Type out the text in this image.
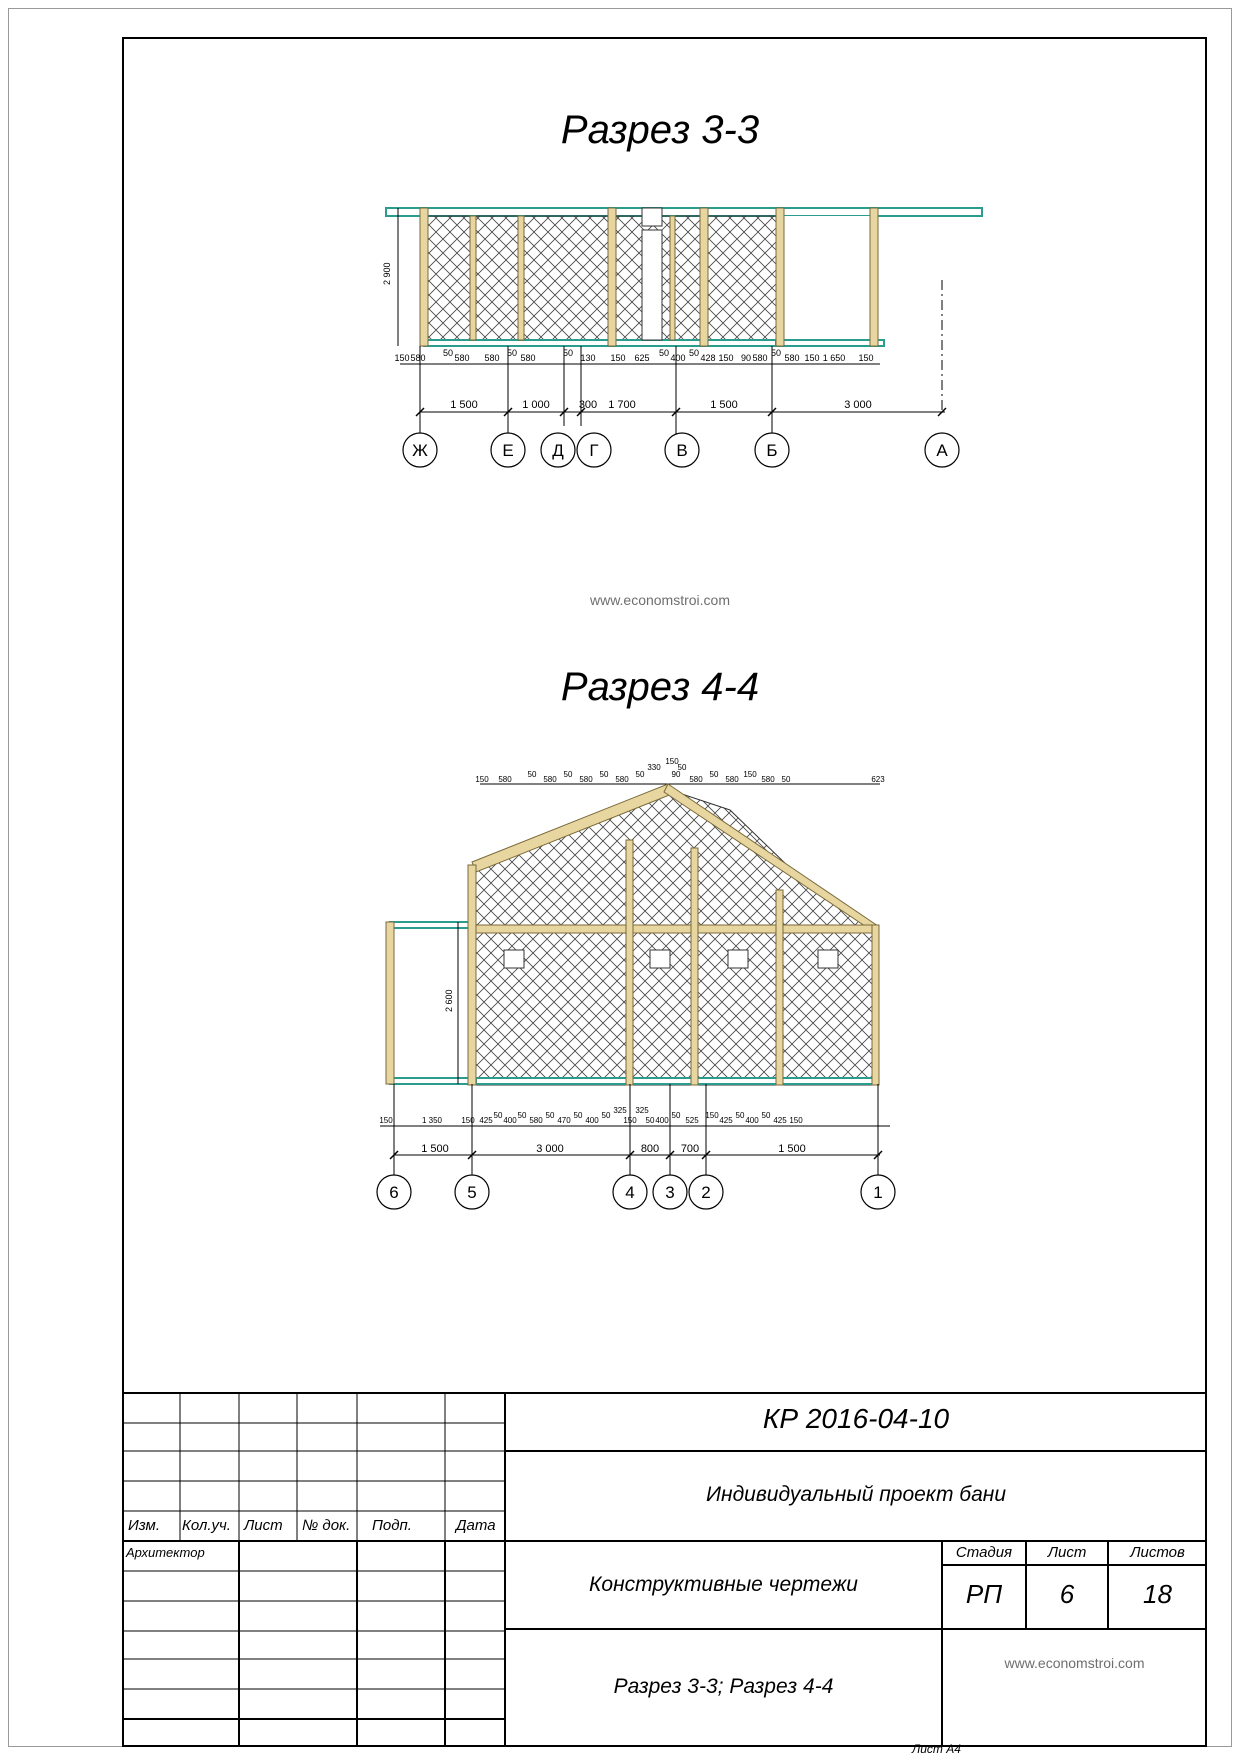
Разрез 3-3
2 900
150 580 50 580 580 50 580	50 130 150 625 50 400 50 428 150 90 580 50 580 150 1 650 150
1 500	1 000	300 1 700	1 500	3 000
Ж	Е Д Г	В	Б	А
www.economstroi.com
Разрез 4-4
150 580
50
580
50
580
50
580
50
330
150
50
90
580
50
580
150
580 50	623
2 600
150	1 350 150 425
50
400
50
580
50
470
50
400
50
325
150
325
50 400
50
525
150
425
50
400
50
425 150
1 500	3 000	800 700	1 500
6	5	4 3 2	1
Изм. Кол.уч. Лист № док. Подп.	Дата
Архитектор
КР 2016-04-10
Индивидуальный проект бани
Конструктивные чертежи
Разрез 3-3; Разрез 4-4
Стадия	Лист	Листов
РП	6	18
www.economstroi.com
Лист А4
